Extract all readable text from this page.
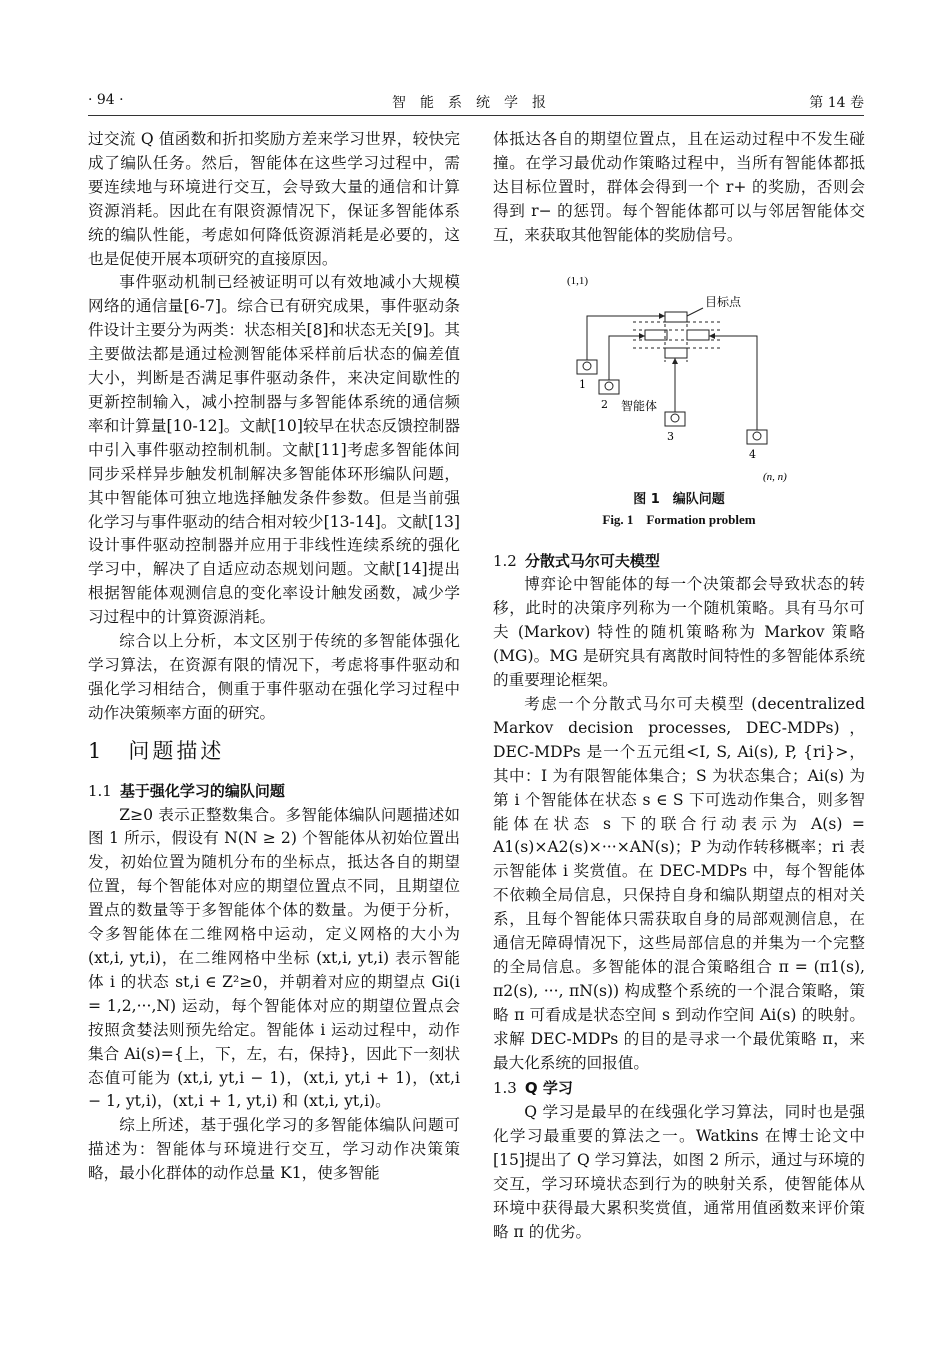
· 94 ·	智能系统学报	第 14 卷

过交流 Q 值函数和折扣奖励方差来学习世界，较快完成了编队任务。然后，智能体在这些学习过程中，需要连续地与环境进行交互，会导致大量的通信和计算资源消耗。因此在有限资源情况下，保证多智能体系统的编队性能，考虑如何降低资源消耗是必要的，这也是促使开展本项研究的直接原因。

事件驱动机制已经被证明可以有效地减小大规模网络的通信量[6-7]。综合已有研究成果，事件驱动条件设计主要分为两类：状态相关[8]和状态无关[9]。其主要做法都是通过检测智能体采样前后状态的偏差值大小，判断是否满足事件驱动条件，来决定间歇性的更新控制输入，减小控制器与多智能体系统的通信频率和计算量[10-12]。文献[10]较早在状态反馈控制器中引入事件驱动控制机制。文献[11]考虑多智能体间同步采样异步触发机制解决多智能体环形编队问题，其中智能体可独立地选择触发条件参数。但是当前强化学习与事件驱动的结合相对较少[13-14]。文献[13]设计事件驱动控制器并应用于非线性连续系统的强化学习中，解决了自适应动态规划问题。文献[14]提出根据智能体观测信息的变化率设计触发函数，减少学习过程中的计算资源消耗。

综合以上分析，本文区别于传统的多智能体强化学习算法，在资源有限的情况下，考虑将事件驱动和强化学习相结合，侧重于事件驱动在强化学习过程中动作决策频率方面的研究。

1　问题描述
1.1 基于强化学习的编队问题

Z≥0 表示正整数集合。多智能体编队问题描述如图 1 所示，假设有 N(N ≥ 2) 个智能体从初始位置出发，初始位置为随机分布的坐标点，抵达各自的期望位置，每个智能体对应的期望位置点不同，且期望位置点的数量等于多智能体个体的数量。为便于分析，令多智能体在二维网格中运动，定义网格的大小为 (xt,i, yt,i)，在二维网格中坐标 (xt,i, yt,i) 表示智能体 i 的状态 st,i ∈ Z²≥0，并朝着对应的期望点 Gi(i = 1,2,···,N) 运动，每个智能体对应的期望位置点会按照贪婪法则预先给定。智能体 i 运动过程中，动作集合 Ai(s)={上，下，左，右，保持}，因此下一刻状态值可能为 (xt,i, yt,i − 1)，(xt,i, yt,i + 1)，(xt,i − 1, yt,i)，(xt,i + 1, yt,i) 和 (xt,i, yt,i)。

综上所述，基于强化学习的多智能体编队问题可描述为：智能体与环境进行交互，学习动作决策策略，最小化群体的动作总量 K1，使多智能

体抵达各自的期望位置点，且在运动过程中不发生碰撞。在学习最优动作策略过程中，当所有智能体都抵达目标位置时，群体会得到一个 r+ 的奖励，否则会得到 r− 的惩罚。每个智能体都可以与邻居智能体交互，来获取其他智能体的奖励信号。

(1,1)
目标点
1
2
3
4
智能体
(n, n)
图 1　编队问题
Fig. 1　Formation problem
1.2 分散式马尔可夫模型

博弈论中智能体的每一个决策都会导致状态的转移，此时的决策序列称为一个随机策略。具有马尔可夫 (Markov) 特性的随机策略称为 Markov 策略 (MG)。MG 是研究具有离散时间特性的多智能体系统的重要理论框架。

考虑一个分散式马尔可夫模型 (decentralized Markov decision processes, DEC-MDPs)，DEC-MDPs 是一个五元组<I, S, Ai(s), P, {ri}>，其中：I 为有限智能体集合；S 为状态集合；Ai(s) 为第 i 个智能体在状态 s ∈ S 下可选动作集合，则多智能体在状态 s 下的联合行动表示为 A(s) = A1(s)×A2(s)×···×AN(s)；P 为动作转移概率；ri 表示智能体 i 奖赏值。在 DEC-MDPs 中，每个智能体不依赖全局信息，只保持自身和编队期望点的相对关系，且每个智能体只需获取自身的局部观测信息，在通信无障碍情况下，这些局部信息的并集为一个完整的全局信息。多智能体的混合策略组合 π = (π1(s), π2(s), ···, πN(s)) 构成整个系统的一个混合策略，策略 π 可看成是状态空间 s 到动作空间 Ai(s) 的映射。求解 DEC-MDPs 的目的是寻求一个最优策略 π，来最大化系统的回报值。

1.3 Q 学习

Q 学习是最早的在线强化学习算法，同时也是强化学习最重要的算法之一。Watkins 在博士论文中[15]提出了 Q 学习算法，如图 2 所示，通过与环境的交互，学习环境状态到行为的映射关系，使智能体从环境中获得最大累积奖赏值，通常用值函数来评价策略 π 的优劣。
